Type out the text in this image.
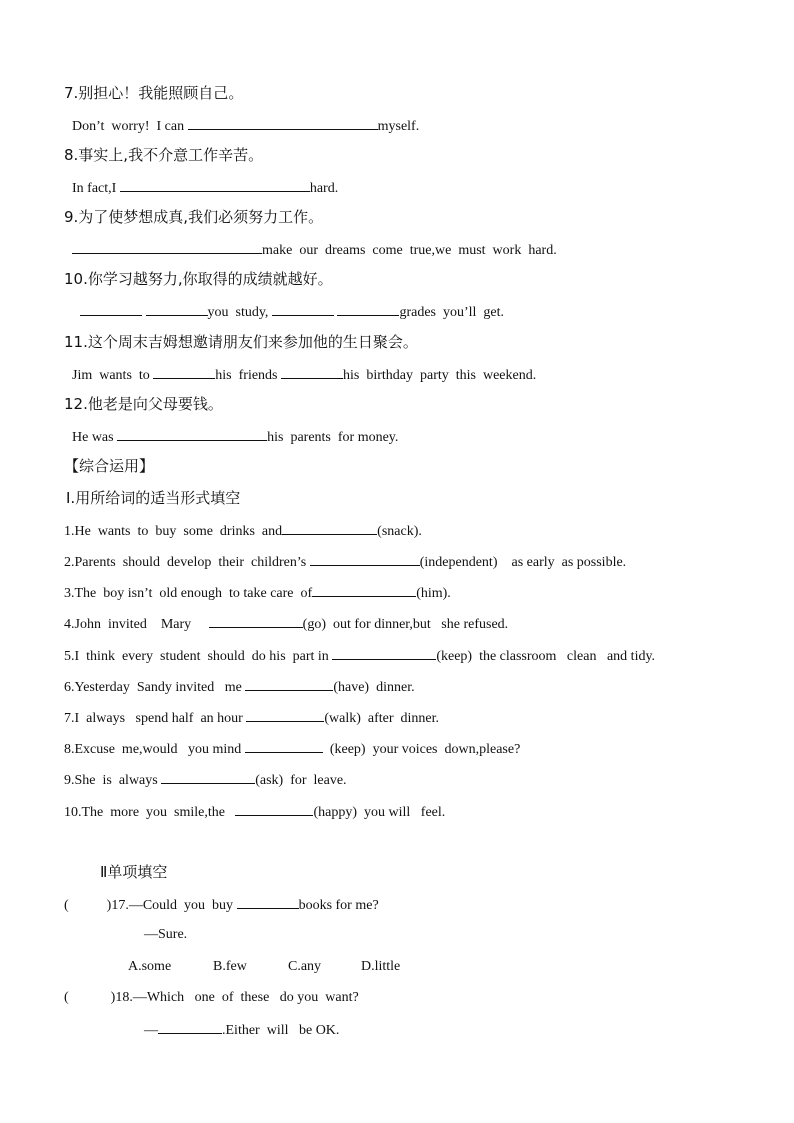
7.别担心！我能照顾自己。
Don’t  worry!  I can	myself.
8.事实上,我不介意工作辛苦。
In fact,I	hard.
9.为了使梦想成真,我们必须努力工作。
make  our  dreams  come  true,we  must  work  hard.
10.你学习越努力,你取得的成绩就越好。
you  study,	grades  you’ll  get.
11.这个周末吉姆想邀请朋友们来参加他的生日聚会。
Jim  wants  to	his  friends	his  birthday  party  this  weekend.
12.他老是向父母要钱。
He was	his  parents  for money.
【综合运用】
Ⅰ.用所给词的适当形式填空
1.He  wants  to  buy  some  drinks  and	(snack).
2.Parents  should  develop  their  children’s	(independent)    as early  as possible.
3.The  boy isn’t  old enough  to take care  of	(him).
4.John  invited    Mary	(go)  out for dinner,but   she refused.
5.I  think  every  student  should  do his  part in	(keep)  the classroom   clean   and tidy.
6.Yesterday  Sandy invited   me	(have)  dinner.
7.I  always   spend half  an hour	(walk)  after  dinner.
8.Excuse  me,would   you mind	(keep)  your voices  down,please?
9.She  is  always	(ask)  for  leave.
10.The  more  you  smile,the	(happy)  you will   feel.
Ⅱ单项填空
(	)17.—Could  you  buy	books for me?
—Sure.
A.some	B.few	C.any	D.little
(	)18.—Which   one  of  these   do you  want?
—	.Either  will   be OK.
